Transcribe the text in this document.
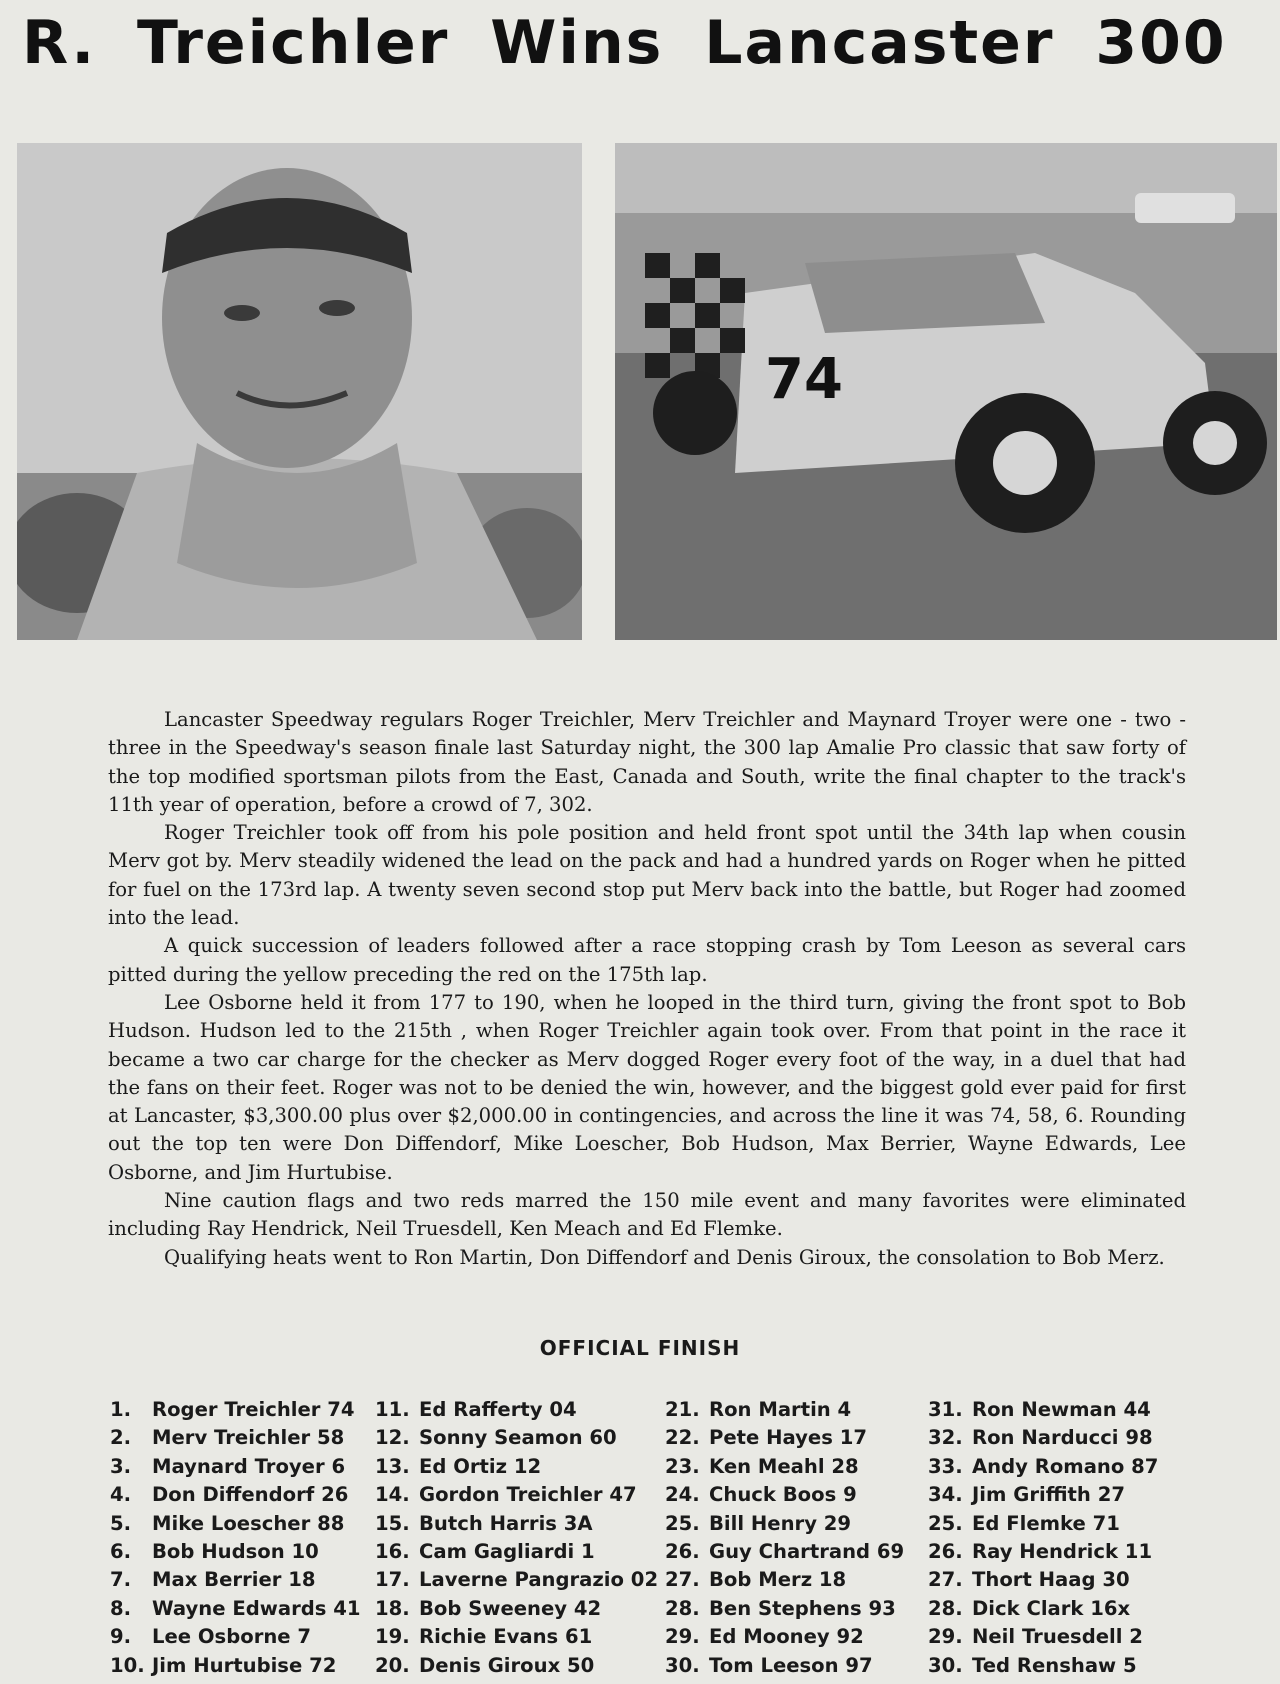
R. Treichler Wins Lancaster 300
74

Lancaster Speedway regulars Roger Treichler, Merv Treichler and Maynard Troyer were one - two - three in the Speedway's season finale last Saturday night, the 300 lap Amalie Pro classic that saw forty of the top modified sportsman pilots from the East, Canada and South, write the final chapter to the track's 11th year of operation, before a crowd of 7, 302.

Roger Treichler took off from his pole position and held front spot until the 34th lap when cousin Merv got by. Merv steadily widened the lead on the pack and had a hundred yards on Roger when he pitted for fuel on the 173rd lap. A twenty seven second stop put Merv back into the battle, but Roger had zoomed into the lead.

A quick succession of leaders followed after a race stopping crash by Tom Leeson as several cars pitted during the yellow preceding the red on the 175th lap.

Lee Osborne held it from 177 to 190, when he looped in the third turn, giving the front spot to Bob Hudson. Hudson led to the 215th , when Roger Treichler again took over. From that point in the race it became a two car charge for the checker as Merv dogged Roger every foot of the way, in a duel that had the fans on their feet. Roger was not to be denied the win, however, and the biggest gold ever paid for first at Lancaster, $3,300.00 plus over $2,000.00 in contingencies, and across the line it was 74, 58, 6. Rounding out the top ten were Don Diffendorf, Mike Loescher, Bob Hudson, Max Berrier, Wayne Edwards, Lee Osborne, and Jim Hurtubise.

Nine caution flags and two reds marred the 150 mile event and many favorites were eliminated including Ray Hendrick, Neil Truesdell, Ken Meach and Ed Flemke.

Qualifying heats went to Ron Martin, Don Diffendorf and Denis Giroux, the consolation to Bob Merz.

OFFICIAL FINISH
1. Roger Treichler 74
2. Merv Treichler 58
3. Maynard Troyer 6
4. Don Diffendorf 26
5. Mike Loescher 88
6. Bob Hudson 10
7. Max Berrier 18
8. Wayne Edwards 41
9. Lee Osborne 7
10. Jim Hurtubise 72
11. Ed Rafferty 04
12. Sonny Seamon 60
13. Ed Ortiz 12
14. Gordon Treichler 47
15. Butch Harris 3A
16. Cam Gagliardi 1
17. Laverne Pangrazio 02
18. Bob Sweeney 42
19. Richie Evans 61
20. Denis Giroux 50
21. Ron Martin 4
22. Pete Hayes 17
23. Ken Meahl 28
24. Chuck Boos 9
25. Bill Henry 29
26. Guy Chartrand 69
27. Bob Merz 18
28. Ben Stephens 93
29. Ed Mooney 92
30. Tom Leeson 97
31. Ron Newman 44
32. Ron Narducci 98
33. Andy Romano 87
34. Jim Griffith 27
25. Ed Flemke 71
26. Ray Hendrick 11
27. Thort Haag 30
28. Dick Clark 16x
29. Neil Truesdell 2
30. Ted Renshaw 5
